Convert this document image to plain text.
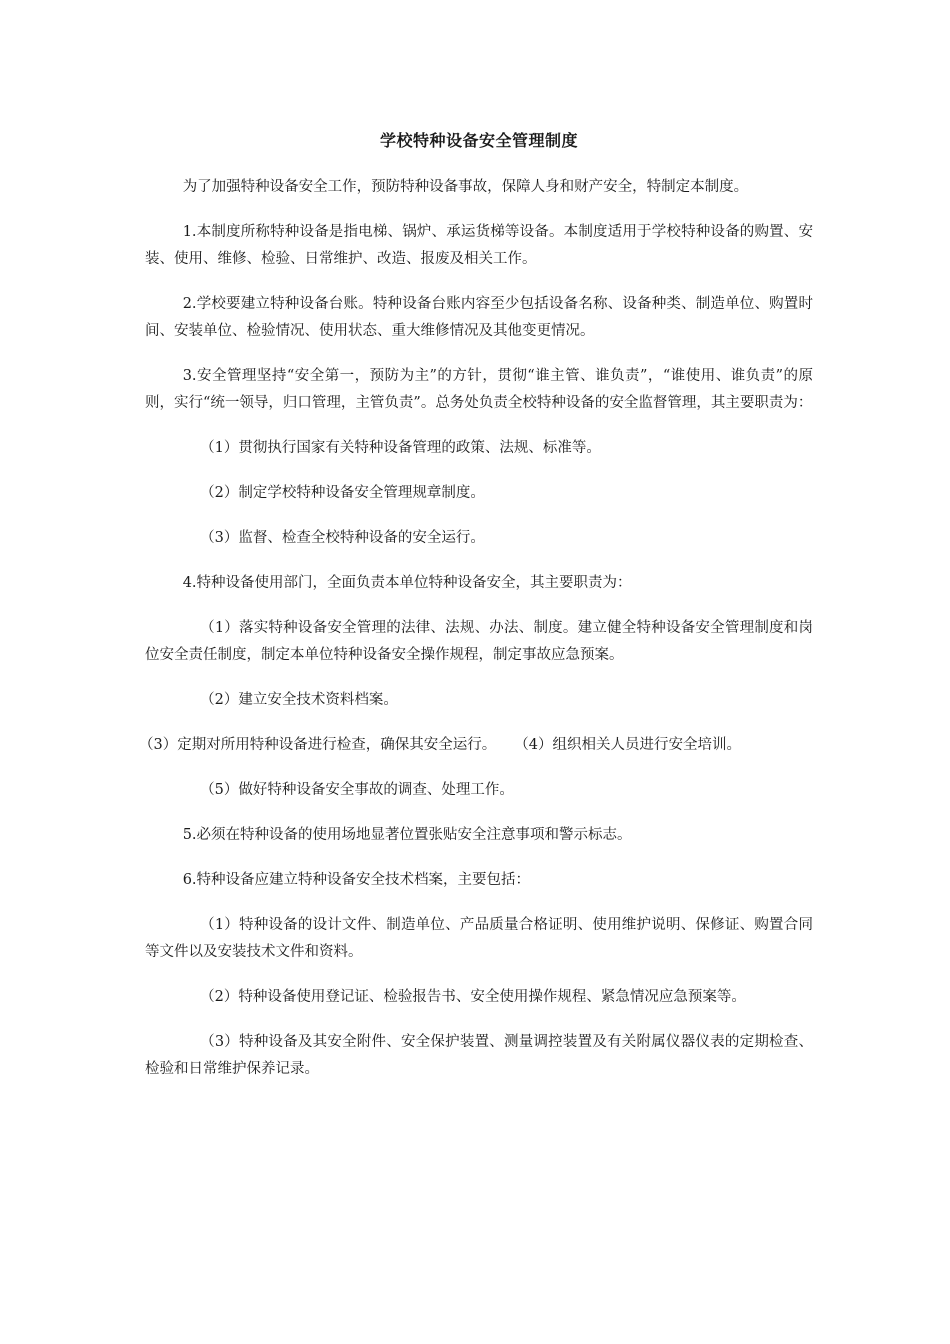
学校特种设备安全管理制度

为了加强特种设备安全工作，预防特种设备事故，保障人身和财产安全，特制定本制度。

1.本制度所称特种设备是指电梯、锅炉、承运货梯等设备。本制度适用于学校特种设备的购置、安装、使用、维修、检验、日常维护、改造、报废及相关工作。

2.学校要建立特种设备台账。特种设备台账内容至少包括设备名称、设备种类、制造单位、购置时间、安装单位、检验情况、使用状态、重大维修情况及其他变更情况。

3.安全管理坚持“安全第一，预防为主”的方针，贯彻“谁主管、谁负责”，“谁使用、谁负责”的原则，实行“统一领导，归口管理，主管负责”。总务处负责全校特种设备的安全监督管理，其主要职责为：

（1）贯彻执行国家有关特种设备管理的政策、法规、标准等。

（2）制定学校特种设备安全管理规章制度。

（3）监督、检查全校特种设备的安全运行。

4.特种设备使用部门，全面负责本单位特种设备安全，其主要职责为：

（1）落实特种设备安全管理的法律、法规、办法、制度。建立健全特种设备安全管理制度和岗位安全责任制度，制定本单位特种设备安全操作规程，制定事故应急预案。

（2）建立安全技术资料档案。

（3）定期对所用特种设备进行检查，确保其安全运行。 （4）组织相关人员进行安全培训。

（5）做好特种设备安全事故的调查、处理工作。

5.必须在特种设备的使用场地显著位置张贴安全注意事项和警示标志。

6.特种设备应建立特种设备安全技术档案，主要包括：

（1）特种设备的设计文件、制造单位、产品质量合格证明、使用维护说明、保修证、购置合同等文件以及安装技术文件和资料。

（2）特种设备使用登记证、检验报告书、安全使用操作规程、紧急情况应急预案等。

（3）特种设备及其安全附件、安全保护装置、测量调控装置及有关附属仪器仪表的定期检查、检验和日常维护保养记录。
